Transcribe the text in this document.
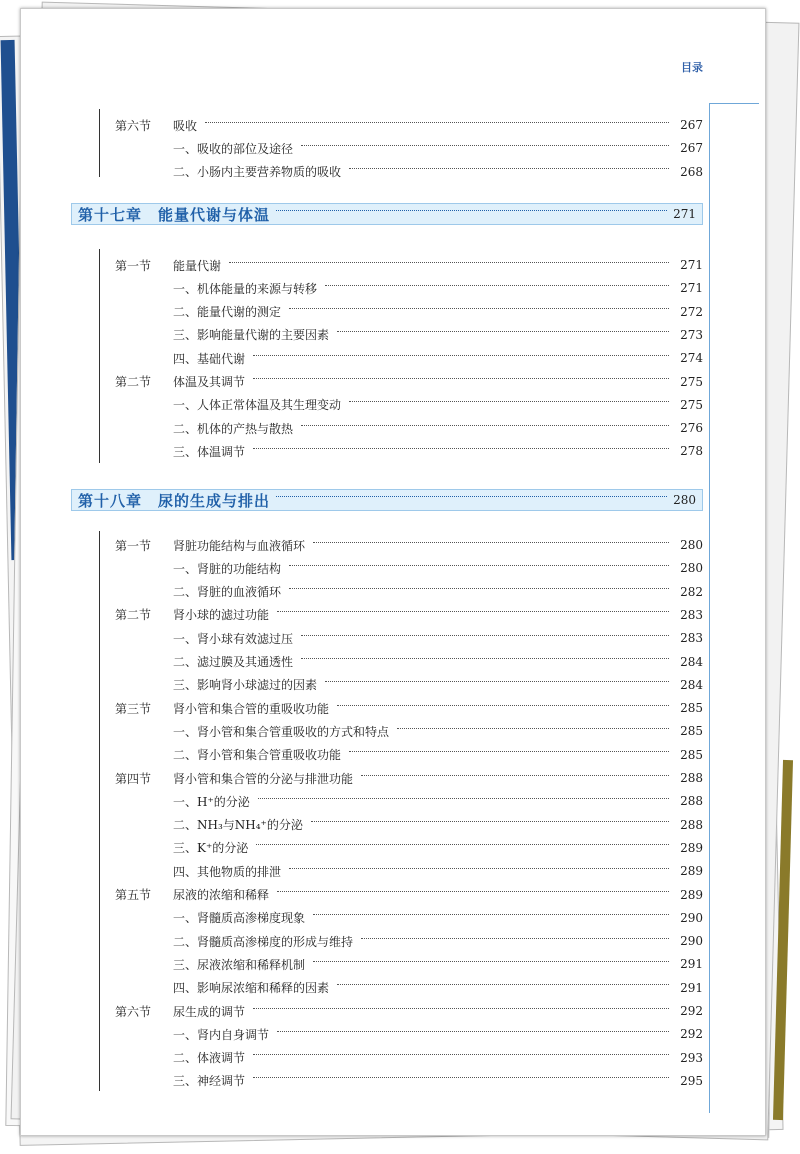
目录
第六节 吸收	267
一、吸收的部位及途径	267
二、小肠内主要营养物质的吸收	268
第十七章　能量代谢与体温	271
第一节 能量代谢	271
一、机体能量的来源与转移	271
二、能量代谢的测定	272
三、影响能量代谢的主要因素	273
四、基础代谢	274
第二节 体温及其调节	275
一、人体正常体温及其生理变动	275
二、机体的产热与散热	276
三、体温调节	278
第十八章　尿的生成与排出	280
第一节 肾脏功能结构与血液循环	280
一、肾脏的功能结构	280
二、肾脏的血液循环	282
第二节 肾小球的滤过功能	283
一、肾小球有效滤过压	283
二、滤过膜及其通透性	284
三、影响肾小球滤过的因素	284
第三节 肾小管和集合管的重吸收功能	285
一、肾小管和集合管重吸收的方式和特点	285
二、肾小管和集合管重吸收功能	285
第四节 肾小管和集合管的分泌与排泄功能	288
一、H⁺的分泌	288
二、NH₃与NH₄⁺的分泌	288
三、K⁺的分泌	289
四、其他物质的排泄	289
第五节 尿液的浓缩和稀释	289
一、肾髓质高渗梯度现象	290
二、肾髓质高渗梯度的形成与维持	290
三、尿液浓缩和稀释机制	291
四、影响尿浓缩和稀释的因素	291
第六节 尿生成的调节	292
一、肾内自身调节	292
二、体液调节	293
三、神经调节	295
